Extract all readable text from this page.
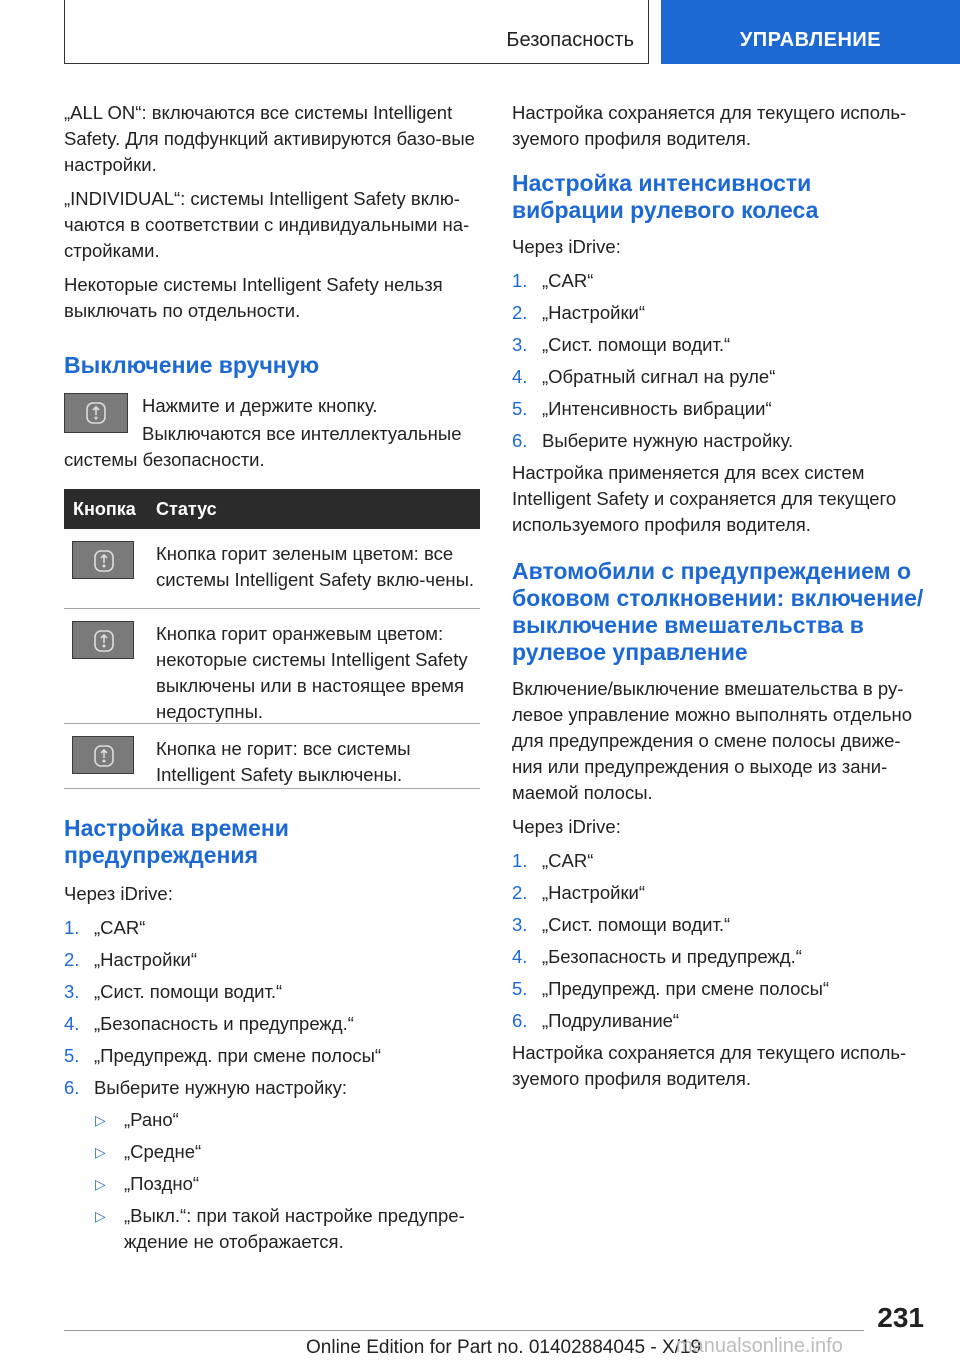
Безопасность	УПРАВЛЕНИЕ

„ALL ON“: включаются все системы Intelligent Safety. Для подфункций активируются базо-вые настройки.

„INDIVIDUAL“: системы Intelligent Safety вклю-чаются в соответствии с индивидуальными на-стройками.

Некоторые системы Intelligent Safety нельзя выключать по отдельности.

Выключение вручную
Нажмите и держите кнопку.
Выключаются все интеллектуальные системы безопасности.
Кнопка	Статус
Кнопка горит зеленым цветом: все системы Intelligent Safety вклю-чены.
Кнопка горит оранжевым цветом: некоторые системы Intelligent Safety выключены или в настоящее время недоступны.
Кнопка не горит: все системы Intelligent Safety выключены.
Настройка времени предупреждения

Через iDrive:

1. „CAR“
2. „Настройки“
3. „Сист. помощи водит.“
4. „Безопасность и предупрежд.“
5. „Предупрежд. при смене полосы“
6. Выберите нужную настройку:
▷ „Рано“
▷ „Средне“
▷ „Поздно“
▷ „Выкл.“: при такой настройке предупре-ждение не отображается.

Настройка сохраняется для текущего исполь-зуемого профиля водителя.

Настройка интенсивности вибрации рулевого колеса

Через iDrive:

1. „CAR“
2. „Настройки“
3. „Сист. помощи водит.“
4. „Обратный сигнал на руле“
5. „Интенсивность вибрации“
6. Выберите нужную настройку.

Настройка применяется для всех систем Intelligent Safety и сохраняется для текущего используемого профиля водителя.

Автомобили с предупреждением о боковом столкновении: включение/выключение вмешательства в рулевое управление

Включение/выключение вмешательства в ру-левое управление можно выполнять отдельно для предупреждения о смене полосы движе-ния или предупреждения о выходе из зани-маемой полосы.

Через iDrive:

1. „CAR“
2. „Настройки“
3. „Сист. помощи водит.“
4. „Безопасность и предупрежд.“
5. „Предупрежд. при смене полосы“
6. „Подруливание“

Настройка сохраняется для текущего исполь-зуемого профиля водителя.

231
Online Edition for Part no. 01402884045 - X/19
manualsonline.info
